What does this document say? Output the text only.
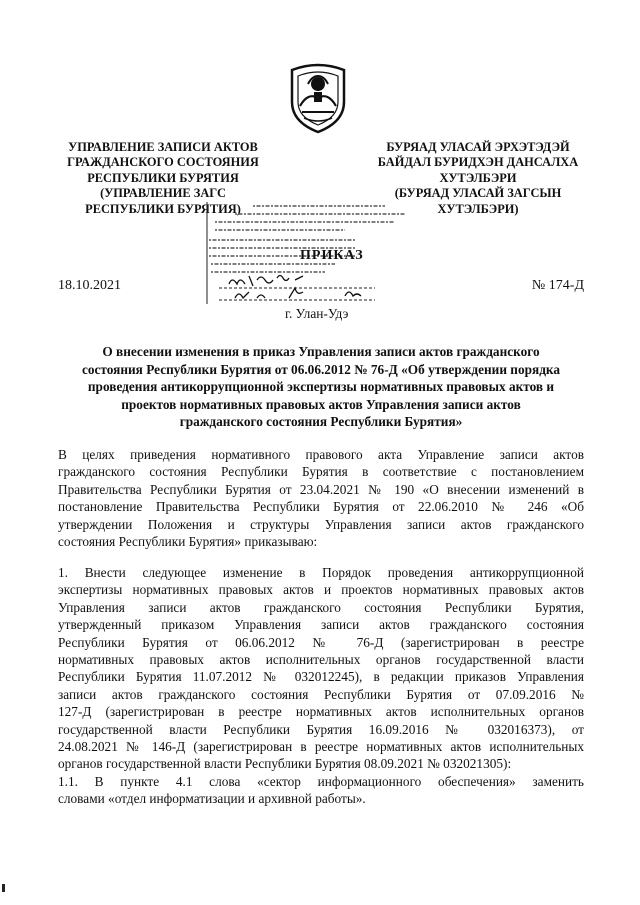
УПРАВЛЕНИЕ ЗАПИСИ АКТОВ
ГРАЖДАНСКОГО СОСТОЯНИЯ
РЕСПУБЛИКИ БУРЯТИЯ
(УПРАВЛЕНИЕ ЗАГС
РЕСПУБЛИКИ БУРЯТИЯ)
БУРЯАД УЛАСАЙ ЭРХЭТЭДЭЙ
БАЙДАЛ БУРИДХЭН ДАНСАЛХА
ХУТЭЛБЭРИ
(БУРЯАД УЛАСАЙ ЗАГСЫН
ХУТЭЛБЭРИ)
ПРИКАЗ
18.10.2021	№ 174-Д
г. Улан-Удэ
О внесении изменения в приказ Управления записи актов гражданского
состояния Республики Бурятия от 06.06.2012 № 76-Д «Об утверждении порядка
проведения антикоррупционной экспертизы нормативных правовых актов и
проектов нормативных правовых актов Управления записи актов
гражданского состояния Республики Бурятия»
В целях приведения нормативного правового акта Управление записи актов
гражданского состояния Республики Бурятия в соответствие с постановлением
Правительства Республики Бурятия от 23.04.2021 № 190 «О внесении изменений в
постановление Правительства Республики Бурятия от 22.06.2010 № 246 «Об
утверждении Положения и структуры Управления записи актов гражданского
состояния Республики Бурятия» приказываю:
1. Внести следующее изменение в Порядок проведения антикоррупционной
экспертизы нормативных правовых актов и проектов нормативных правовых актов
Управления записи актов гражданского состояния Республики Бурятия,
утвержденный приказом Управления записи актов гражданского состояния
Республики Бурятия от 06.06.2012 № 76-Д (зарегистрирован в реестре
нормативных правовых актов исполнительных органов государственной власти
Республики Бурятия 11.07.2012 № 032012245), в редакции приказов Управления
записи актов гражданского состояния Республики Бурятия от 07.09.2016 №
127-Д (зарегистрирован в реестре нормативных актов исполнительных органов
государственной власти Республики Бурятия 16.09.2016 № 032016373), от
24.08.2021 № 146-Д (зарегистрирован в реестре нормативных актов исполнительных
органов государственной власти Республики Бурятия 08.09.2021 № 032021305):
1.1. В пункте 4.1 слова «сектор информационного обеспечения» заменить
словами «отдел информатизации и архивной работы».
